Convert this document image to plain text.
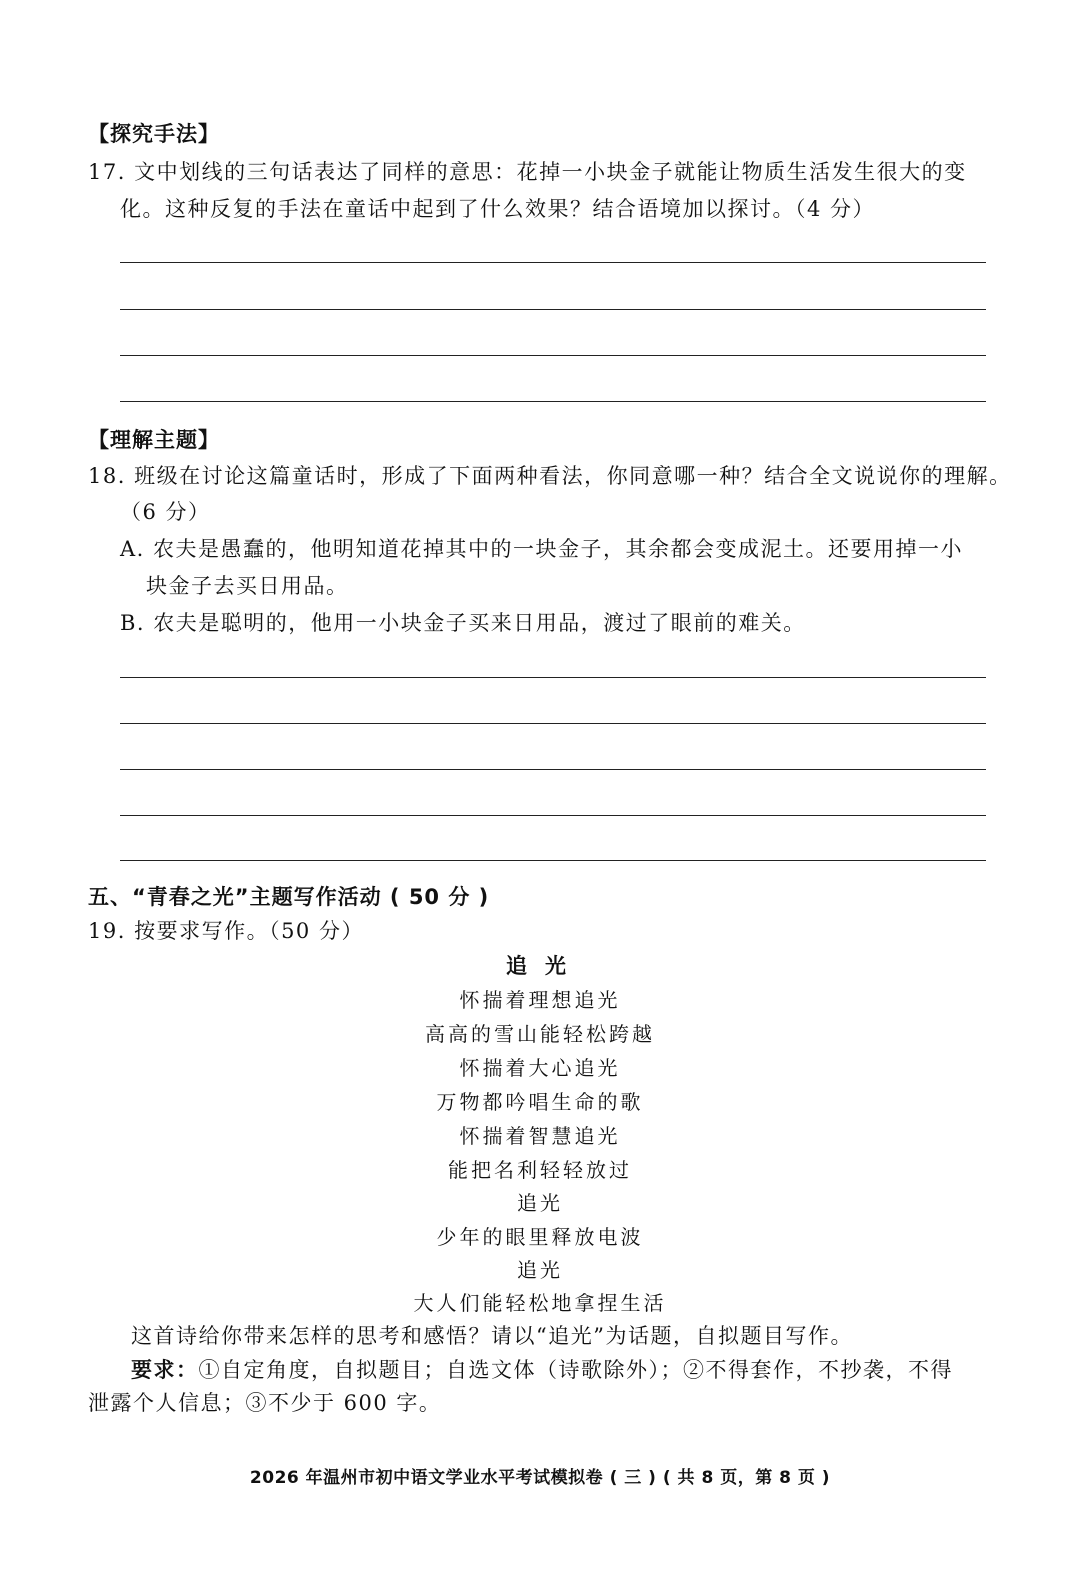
【探究手法】
17. 文中划线的三句话表达了同样的意思：花掉一小块金子就能让物质生活发生很大的变
化。这种反复的手法在童话中起到了什么效果？结合语境加以探讨。（4 分）
【理解主题】
18. 班级在讨论这篇童话时，形成了下面两种看法，你同意哪一种？结合全文说说你的理解。
（6 分）
A. 农夫是愚蠢的，他明知道花掉其中的一块金子，其余都会变成泥土。还要用掉一小
块金子去买日用品。
B. 农夫是聪明的，他用一小块金子买来日用品，渡过了眼前的难关。
五、“青春之光”主题写作活动 ( 50 分 )
19. 按要求写作。（50 分）
追光
怀揣着理想追光
高高的雪山能轻松跨越
怀揣着大心追光
万物都吟唱生命的歌
怀揣着智慧追光
能把名利轻轻放过
追光
少年的眼里释放电波
追光
大人们能轻松地拿捏生活
这首诗给你带来怎样的思考和感悟？请以“追光”为话题，自拟题目写作。
要求：①自定角度，自拟题目；自选文体（诗歌除外）；②不得套作，不抄袭，不得
泄露个人信息；③不少于 600 字。
2026 年温州市初中语文学业水平考试模拟卷 ( 三 ) ( 共 8 页，第 8 页 )
